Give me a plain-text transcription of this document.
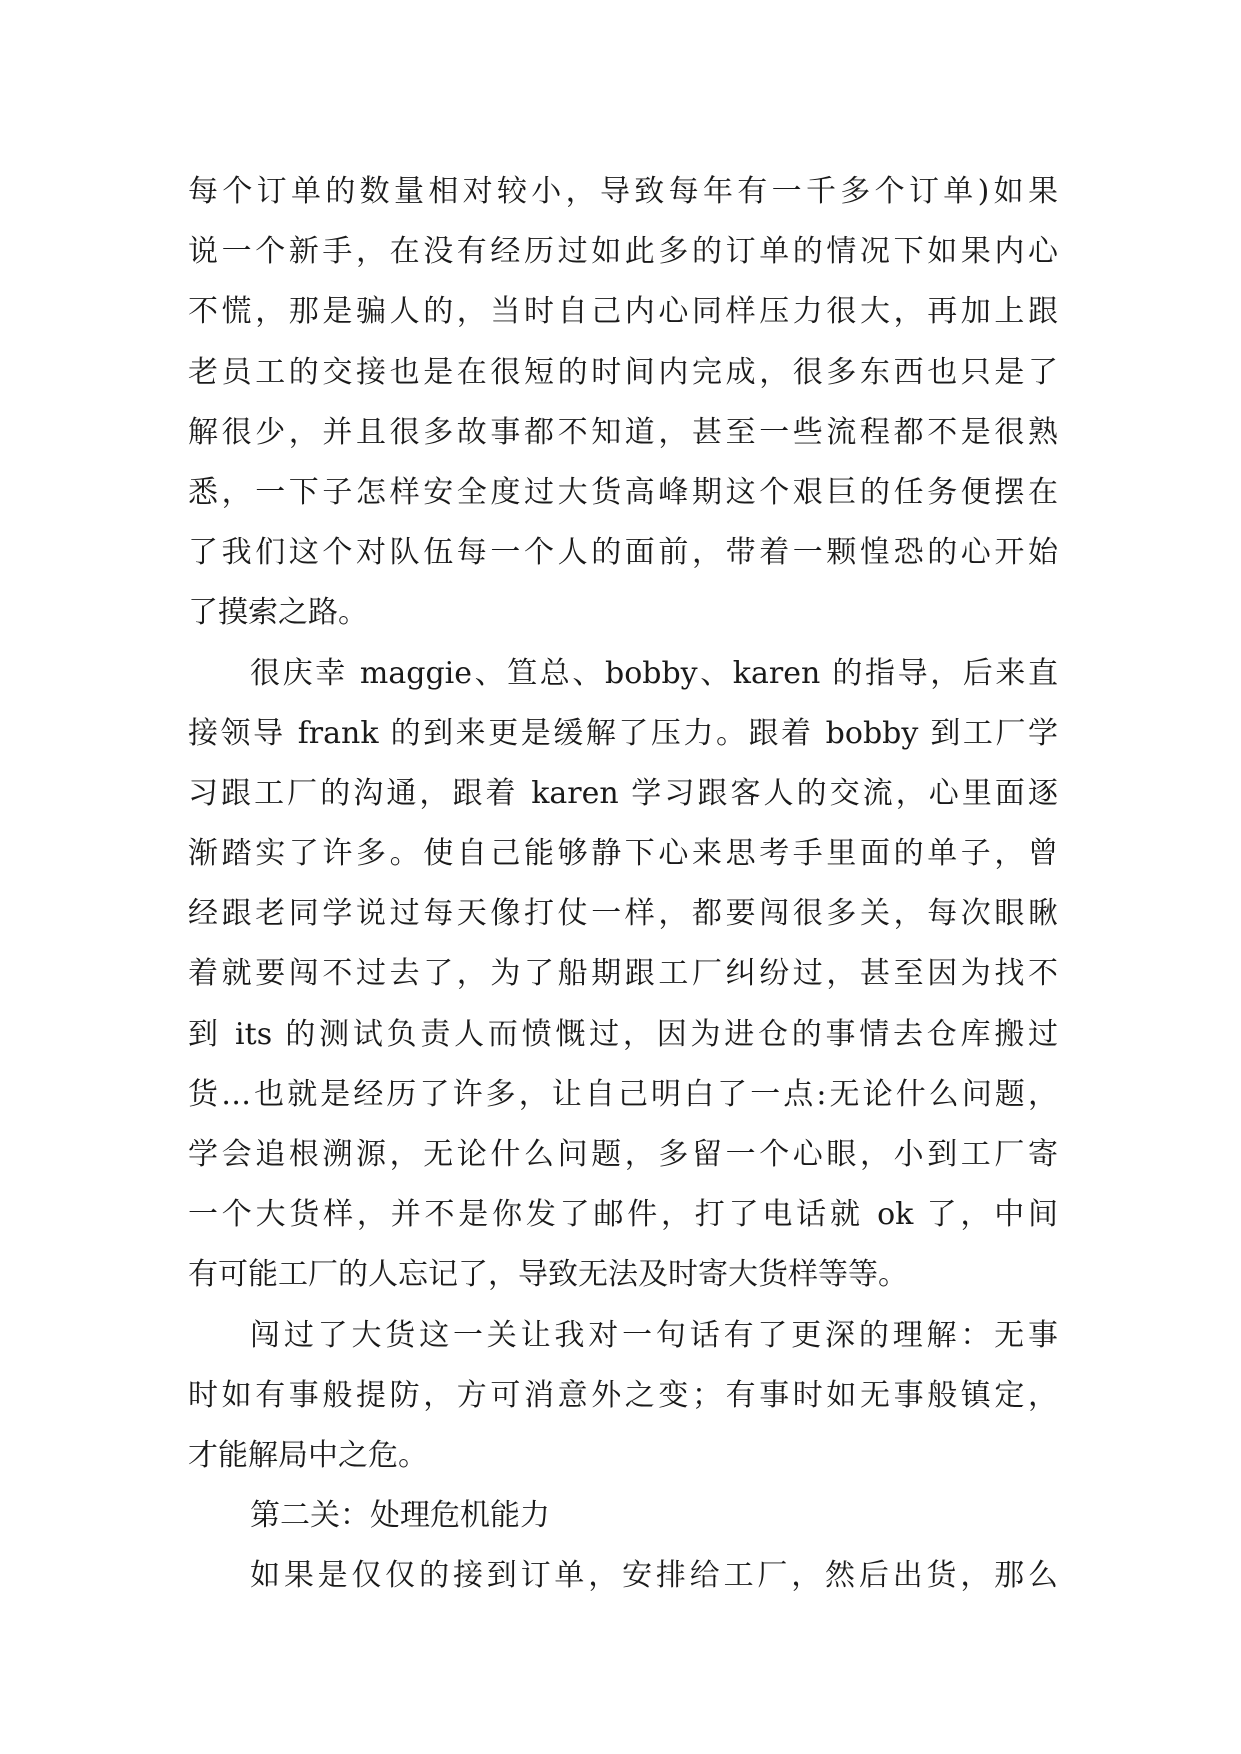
每个订单的数量相对较小，导致每年有一千多个订单)如果
说一个新手，在没有经历过如此多的订单的情况下如果内心
不慌，那是骗人的，当时自己内心同样压力很大，再加上跟
老员工的交接也是在很短的时间内完成，很多东西也只是了
解很少，并且很多故事都不知道，甚至一些流程都不是很熟
悉，一下子怎样安全度过大货高峰期这个艰巨的任务便摆在
了我们这个对队伍每一个人的面前，带着一颗惶恐的心开始
了摸索之路。
很庆幸 maggie、笪总、bobby、karen 的指导，后来直
接领导 frank 的到来更是缓解了压力。跟着 bobby 到工厂学
习跟工厂的沟通，跟着 karen 学习跟客人的交流，心里面逐
渐踏实了许多。使自己能够静下心来思考手里面的单子，曾
经跟老同学说过每天像打仗一样，都要闯很多关，每次眼瞅
着就要闯不过去了，为了船期跟工厂纠纷过，甚至因为找不
到 its 的测试负责人而愤慨过，因为进仓的事情去仓库搬过
货…也就是经历了许多，让自己明白了一点:无论什么问题，
学会追根溯源，无论什么问题，多留一个心眼，小到工厂寄
一个大货样，并不是你发了邮件，打了电话就 ok 了，中间
有可能工厂的人忘记了，导致无法及时寄大货样等等。
闯过了大货这一关让我对一句话有了更深的理解：无事
时如有事般提防，方可消意外之变；有事时如无事般镇定，
才能解局中之危。
第二关：处理危机能力
如果是仅仅的接到订单，安排给工厂，然后出货，那么
